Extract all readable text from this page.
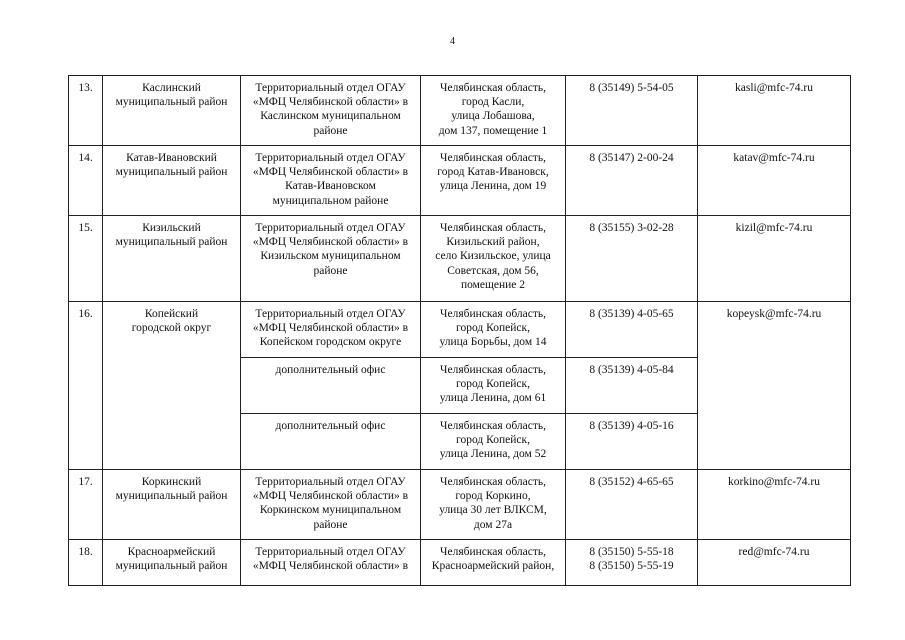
4
13.	Каслинский
муниципальный район	Территориальный отдел ОГАУ
«МФЦ Челябинской области» в
Каслинском муниципальном
районе	Челябинская область,
город Касли,
улица Лобашова,
дом 137, помещение 1	8 (35149) 5-54-05	kasli@mfc-74.ru
14.	Катав-Ивановский
муниципальный район	Территориальный отдел ОГАУ
«МФЦ Челябинской области» в
Катав-Ивановском
муниципальном районе	Челябинская область,
город Катав-Ивановск,
улица Ленина, дом 19	8 (35147) 2-00-24	katav@mfc-74.ru
15.	Кизильский
муниципальный район	Территориальный отдел ОГАУ
«МФЦ Челябинской области» в
Кизильском муниципальном
районе	Челябинская область,
Кизильский район,
село Кизильское, улица
Советская, дом 56,
помещение 2	8 (35155) 3-02-28	kizil@mfc-74.ru
16.	Копейский
городской округ	Территориальный отдел ОГАУ
«МФЦ Челябинской области» в
Копейском городском округе	Челябинская область,
город Копейск,
улица Борьбы, дом 14	8 (35139) 4-05-65	kopeysk@mfc-74.ru
		дополнительный офис	Челябинская область,
город Копейск,
улица Ленина, дом 61	8 (35139) 4-05-84	
		дополнительный офис	Челябинская область,
город Копейск,
улица Ленина, дом 52	8 (35139) 4-05-16	
17.	Коркинский
муниципальный район	Территориальный отдел ОГАУ
«МФЦ Челябинской области» в
Коркинском муниципальном
районе	Челябинская область,
город Коркино,
улица 30 лет ВЛКСМ,
дом 27а	8 (35152) 4-65-65	korkino@mfc-74.ru
18.	Красноармейский
муниципальный район	Территориальный отдел ОГАУ
«МФЦ Челябинской области» в	Челябинская область,
Красноармейский район,	8 (35150) 5-55-18
8 (35150) 5-55-19	red@mfc-74.ru
